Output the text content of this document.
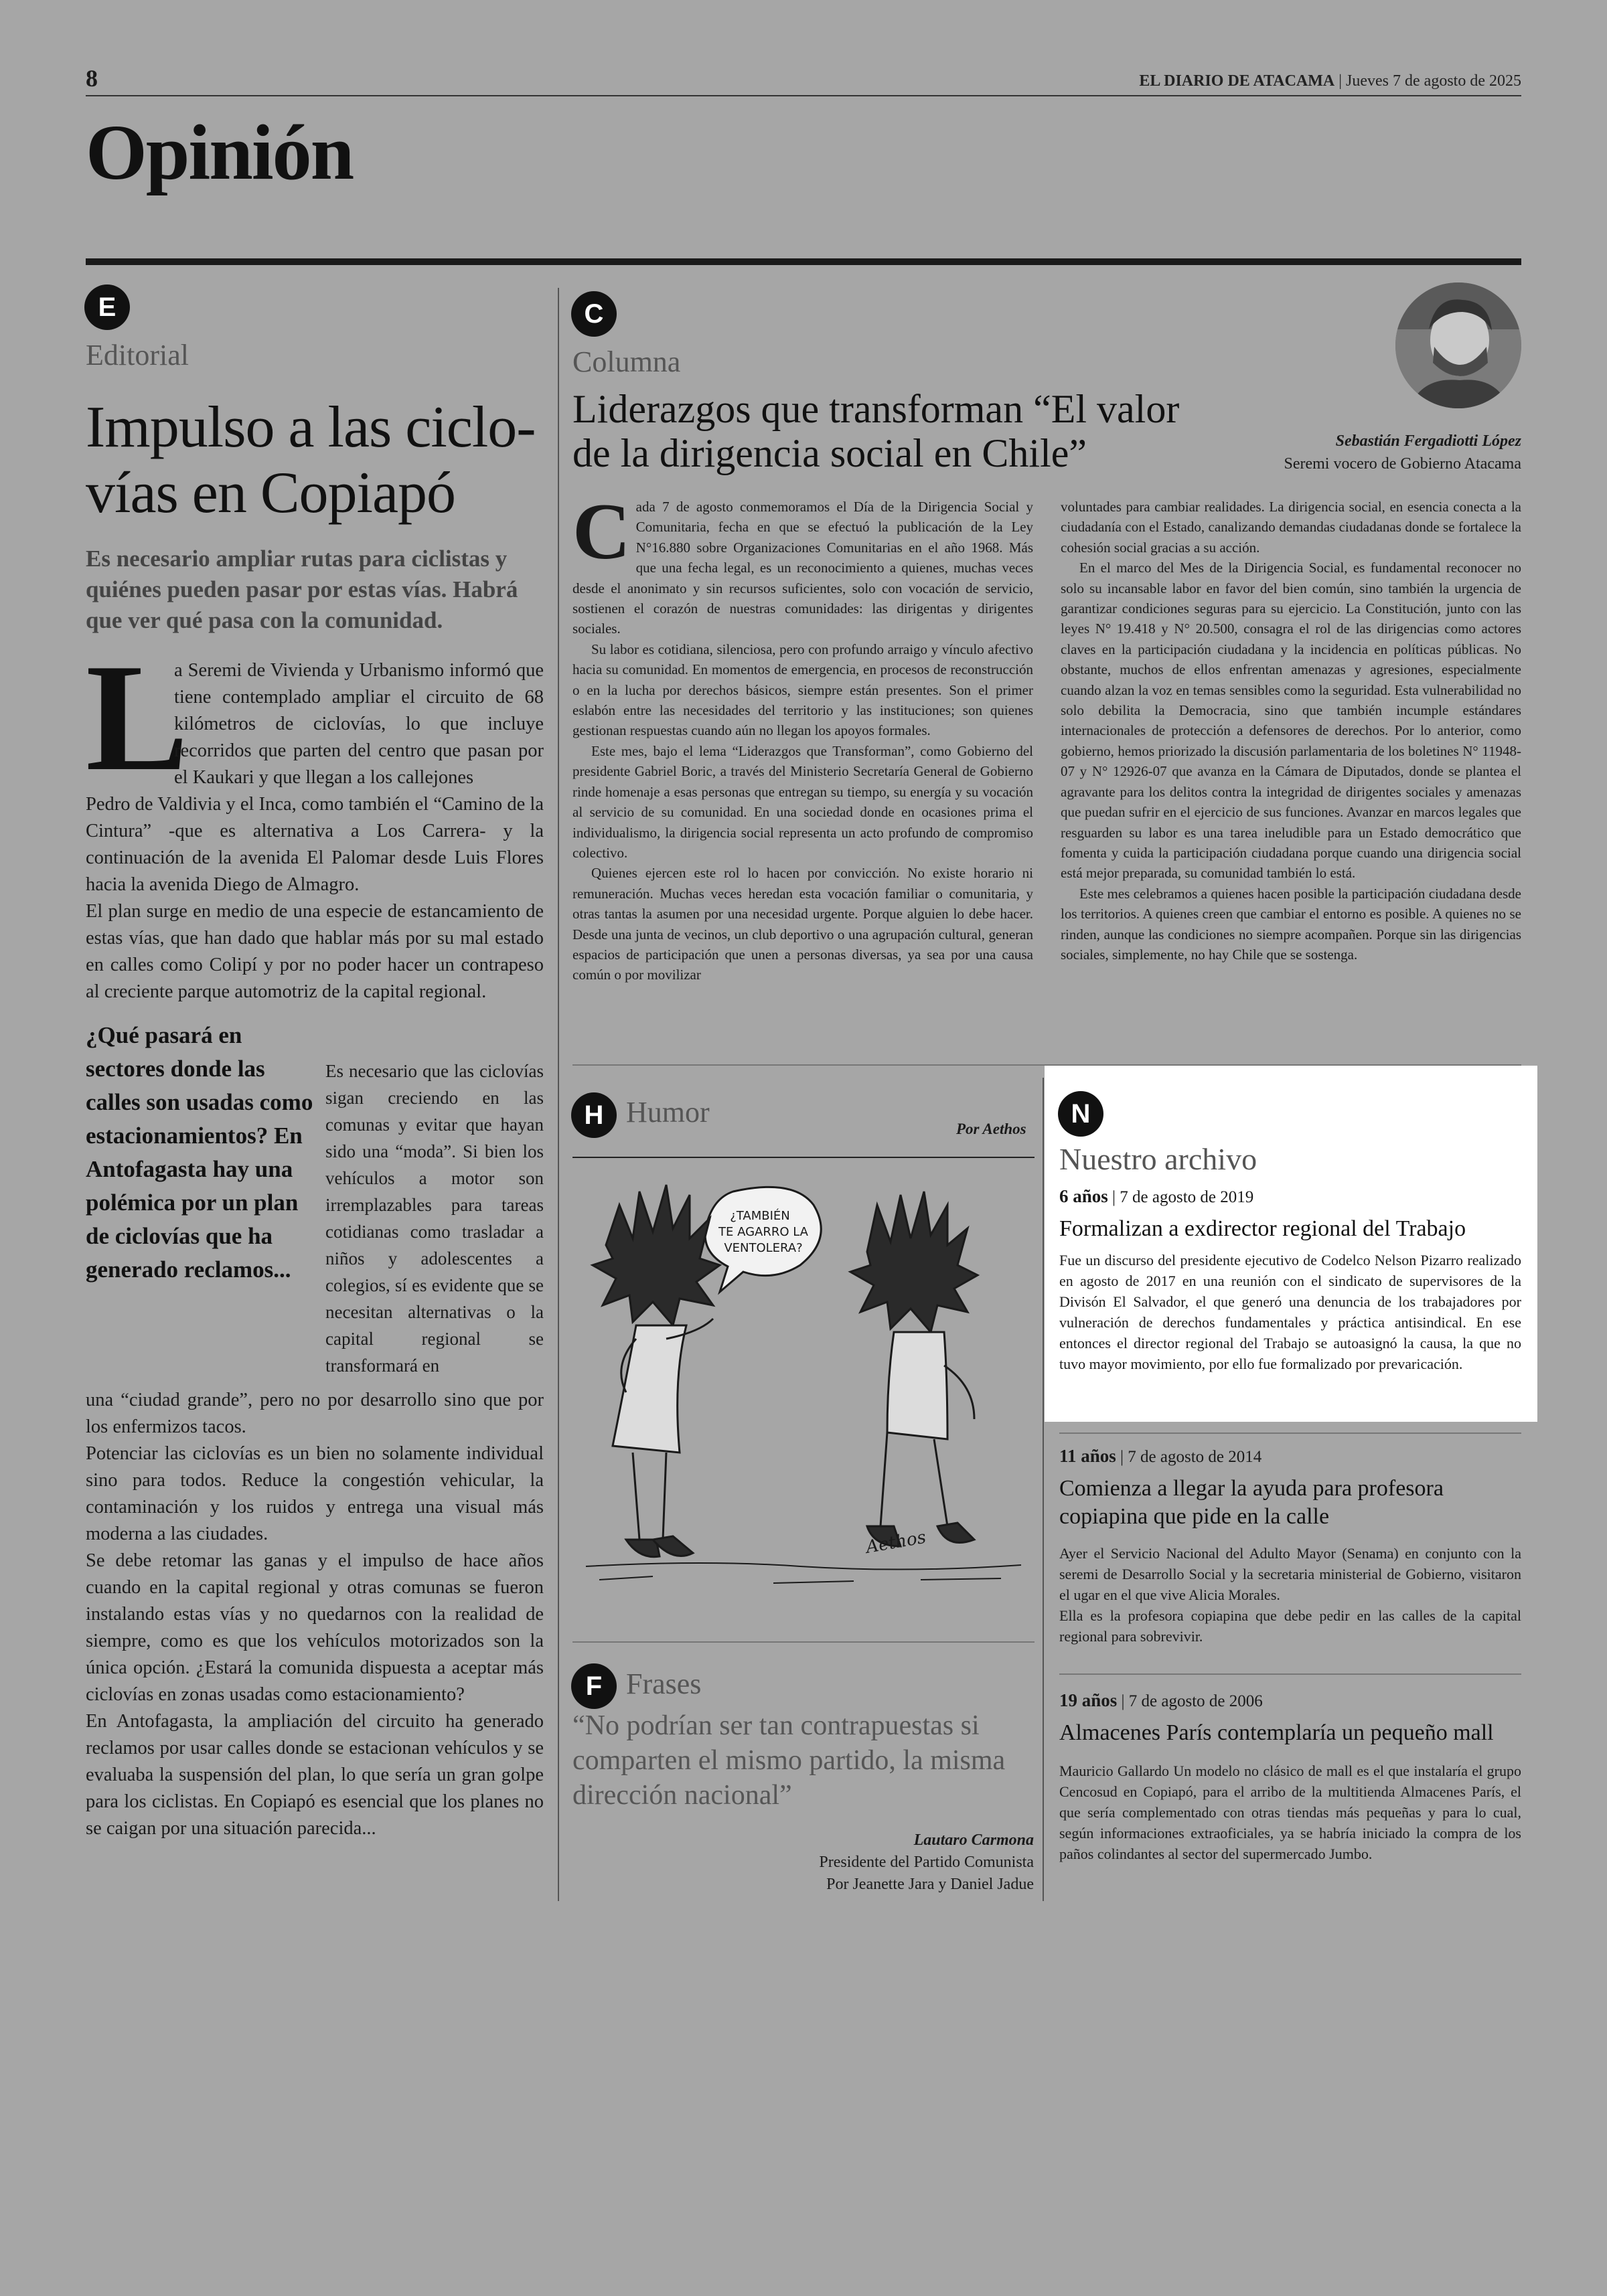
8	EL DIARIO DE ATACAMA | Jueves 7 de agosto de 2025
Opinión
E
Editorial
Impulso a las ciclo-
vías en Copiapó
Es necesario ampliar rutas para ciclistas y quiénes pueden pasar por estas vías. Habrá que ver qué pasa con la comunidad.
L

a Seremi de Vivienda y Urbanismo informó que tiene contemplado ampliar el circuito de 68 kilómetros de ciclovías, lo que incluye recorridos que parten del centro que pasan por el Kaukari y que llegan a los callejones

Pedro de Valdivia y el Inca, como también el “Camino de la Cintura” -que es alternativa a Los Carrera- y la continuación de la avenida El Palomar desde Luis Flores hacia la avenida Diego de Almagro.

El plan surge en medio de una especie de estancamiento de estas vías, que han dado que hablar más por su mal estado en calles como Colipí y por no poder hacer un contrapeso al creciente parque automotriz de la capital regional.

¿Qué pasará en sectores donde las calles son usadas como estacionamientos? En Antofagasta hay una polémica por un plan de ciclovías que ha generado reclamos...

Es necesario que las ciclovías sigan creciendo en las comunas y evitar que hayan sido una “moda”. Si bien los vehículos a motor son irremplazables para tareas cotidianas como trasladar a niños y adolescentes a colegios, sí es evidente que se necesitan alternativas o la capital regional se transformará en

una “ciudad grande”, pero no por desarrollo sino que por los enfermizos tacos.

Potenciar las ciclovías es un bien no solamente individual sino para todos. Reduce la congestión vehicular, la contaminación y los ruidos y entrega una visual más moderna a las ciudades.

Se debe retomar las ganas y el impulso de hace años cuando en la capital regional y otras comunas se fueron instalando estas vías y no quedarnos con la realidad de siempre, como es que los vehículos motorizados son la única opción. ¿Estará la comunida dispuesta a aceptar más ciclovías en zonas usadas como estacionamiento?

En Antofagasta, la ampliación del circuito ha generado reclamos por usar calles donde se estacionan vehículos y se evaluaba la suspensión del plan, lo que sería un gran golpe para los ciclistas. En Copiapó es esencial que los planes no se caigan por una situación parecida...

C
Columna
Liderazgos que transforman “El valor
de la dirigencia social en Chile”	Sebastián Fergadiotti López
Seremi vocero de Gobierno Atacama

Cada 7 de agosto conmemoramos el Día de la Dirigencia Social y Comunitaria, fecha en que se efectuó la publicación de la Ley N°16.880 sobre Organizaciones Comunitarias en el año 1968. Más que una fecha legal, es un reconocimiento a quienes, muchas veces desde el anonimato y sin recursos suficientes, solo con vocación de servicio, sostienen el corazón de nuestras comunidades: las dirigentas y dirigentes sociales.

Su labor es cotidiana, silenciosa, pero con profundo arraigo y vínculo afectivo hacia su comunidad. En momentos de emergencia, en procesos de reconstrucción o en la lucha por derechos básicos, siempre están presentes. Son el primer eslabón entre las necesidades del territorio y las instituciones; son quienes gestionan respuestas cuando aún no llegan los apoyos formales.

Este mes, bajo el lema “Liderazgos que Transforman”, como Gobierno del presidente Gabriel Boric, a través del Ministerio Secretaría General de Gobierno rinde homenaje a esas personas que entregan su tiempo, su energía y su vocación al servicio de su comunidad. En una sociedad donde en ocasiones prima el individualismo, la dirigencia social representa un acto profundo de compromiso colectivo.

Quienes ejercen este rol lo hacen por convicción. No existe horario ni remuneración. Muchas veces heredan esta vocación familiar o comunitaria, y otras tantas la asumen por una necesidad urgente. Porque alguien lo debe hacer. Desde una junta de vecinos, un club deportivo o una agrupación cultural, generan espacios de participación que unen a personas diversas, ya sea por una causa común o por movilizar

voluntades para cambiar realidades. La dirigencia social, en esencia conecta a la ciudadanía con el Estado, canalizando demandas ciudadanas donde se fortalece la cohesión social gracias a su acción.

En el marco del Mes de la Dirigencia Social, es fundamental reconocer no solo su incansable labor en favor del bien común, sino también la urgencia de garantizar condiciones seguras para su ejercicio. La Constitución, junto con las leyes N° 19.418 y N° 20.500, consagra el rol de las dirigencias como actores claves en la participación ciudadana y la incidencia en políticas públicas. No obstante, muchos de ellos enfrentan amenazas y agresiones, especialmente cuando alzan la voz en temas sensibles como la seguridad. Esta vulnerabilidad no solo debilita la Democracia, sino que también incumple estándares internacionales de protección a defensores de derechos. Por lo anterior, como gobierno, hemos priorizado la discusión parlamentaria de los boletines N° 11948-07 y N° 12926-07 que avanza en la Cámara de Diputados, donde se plantea el agravante para los delitos contra la integridad de dirigentes sociales y amenazas que puedan sufrir en el ejercicio de sus funciones. Avanzar en marcos legales que resguarden su labor es una tarea ineludible para un Estado democrático que fomenta y cuida la participación ciudadana porque cuando una dirigencia social está mejor preparada, su comunidad también lo está.

Este mes celebramos a quienes hacen posible la participación ciudadana desde los territorios. A quienes creen que cambiar el entorno es posible. A quienes no se rinden, aunque las condiciones no siempre acompañen. Porque sin las dirigencias sociales, simplemente, no hay Chile que se sostenga.

H Humor
Por Aethos
¿TAMBIÉN
TE AGARRO LA
VENTOLERA?
Aethos
F Frases
“No podrían ser tan contrapuestas si comparten el mismo partido, la misma dirección nacional”
Lautaro Carmona
Presidente del Partido Comunista
Por Jeanette Jara y Daniel Jadue
N
Nuestro archivo
6 años | 7 de agosto de 2019
Formalizan a exdirector regional del Trabajo
Fue un discurso del presidente ejecutivo de Codelco Nelson Pizarro realizado en agosto de 2017 en una reunión con el sindicato de supervisores de la Divisón El Salvador, el que generó una denuncia de los trabajadores por vulneración de derechos fundamentales y práctica antisindical. En ese entonces el director regional del Trabajo se autoasignó la causa, la que no tuvo mayor movimiento, por ello fue formalizado por prevaricación.
11 años | 7 de agosto de 2014
Comienza a llegar la ayuda para profesora copiapina que pide en la calle
Ayer el Servicio Nacional del Adulto Mayor (Senama) en conjunto con la seremi de Desarrollo Social y la secretaria ministerial de Gobierno, visitaron el ugar en el que vive Alicia Morales.
Ella es la profesora copiapina que debe pedir en las calles de la capital regional para sobrevivir.
19 años | 7 de agosto de 2006
Almacenes París contemplaría un pequeño mall
Mauricio Gallardo Un modelo no clásico de mall es el que instalaría el grupo Cencosud en Copiapó, para el arribo de la multitienda Almacenes París, el que sería complementado con otras tiendas más pequeñas y para lo cual, según informaciones extraoficiales, ya se habría iniciado la compra de los paños colindantes al sector del supermercado Jumbo.
